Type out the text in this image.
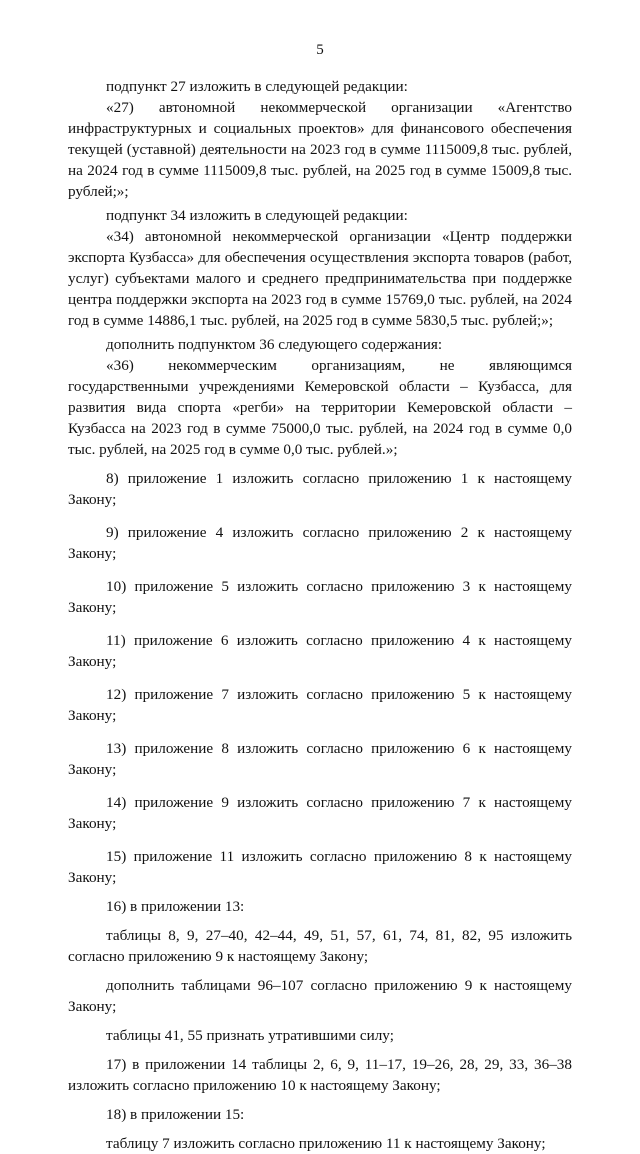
5

подпункт 27 изложить в следующей редакции:

«27) автономной некоммерческой организации «Агентство инфраструктурных и социальных проектов» для финансового обеспечения текущей (уставной) деятельности на 2023 год в сумме 1115009,8 тыс. рублей, на 2024 год в сумме 1115009,8 тыс. рублей, на 2025 год в сумме 15009,8 тыс. рублей;»;

подпункт 34 изложить в следующей редакции:

«34) автономной некоммерческой организации «Центр поддержки экспорта Кузбасса» для обеспечения осуществления экспорта товаров (работ, услуг) субъектами малого и среднего предпринимательства при поддержке центра поддержки экспорта на 2023 год в сумме 15769,0 тыс. рублей, на 2024 год в сумме 14886,1 тыс. рублей, на 2025 год в сумме 5830,5 тыс. рублей;»;

дополнить подпунктом 36 следующего содержания:

«36) некоммерческим организациям, не являющимся государственными учреждениями Кемеровской области – Кузбасса, для развития вида спорта «регби» на территории Кемеровской области – Кузбасса на 2023 год в сумме 75000,0 тыс. рублей, на 2024 год в сумме 0,0 тыс. рублей, на 2025 год в сумме 0,0 тыс. рублей.»;

8) приложение 1 изложить согласно приложению 1 к настоящему Закону;

9) приложение 4 изложить согласно приложению 2 к настоящему Закону;

10) приложение 5 изложить согласно приложению 3 к настоящему Закону;

11) приложение 6 изложить согласно приложению 4 к настоящему Закону;

12) приложение 7 изложить согласно приложению 5 к настоящему Закону;

13) приложение 8 изложить согласно приложению 6 к настоящему Закону;

14) приложение 9 изложить согласно приложению 7 к настоящему Закону;

15) приложение 11 изложить согласно приложению 8 к настоящему Закону;

16) в приложении 13:

таблицы 8, 9, 27–40, 42–44, 49, 51, 57, 61, 74, 81, 82, 95 изложить согласно приложению 9 к настоящему Закону;

дополнить таблицами 96–107 согласно приложению 9 к настоящему Закону;

таблицы 41, 55 признать утратившими силу;

17) в приложении 14 таблицы 2, 6, 9, 11–17, 19–26, 28, 29, 33, 36–38 изложить согласно приложению 10 к настоящему Закону;

18) в приложении 15:

таблицу 7 изложить согласно приложению 11 к настоящему Закону;
